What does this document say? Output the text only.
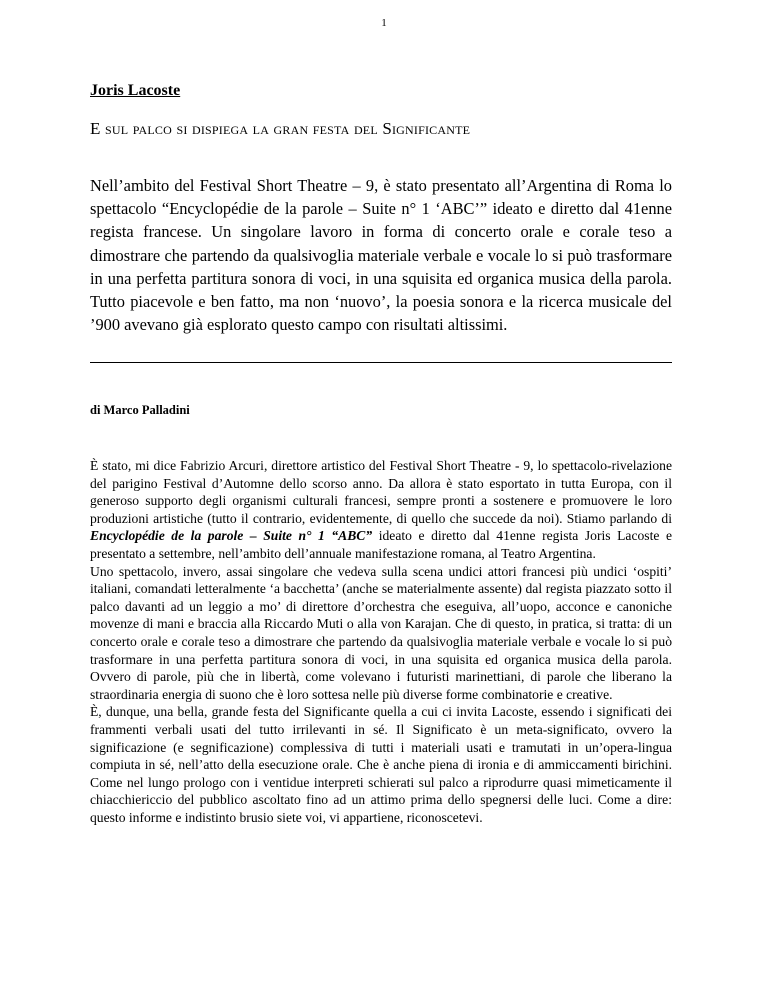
1
Joris Lacoste
E sul palco si dispiega la gran festa del Significante

Nell’ambito del Festival Short Theatre – 9, è stato presentato all’Argentina di Roma lo spettacolo “Encyclopédie de la parole – Suite n° 1 ‘ABC’” ideato e diretto dal 41enne regista francese. Un singolare lavoro in forma di concerto orale e corale teso a dimostrare che partendo da qualsivoglia materiale verbale e vocale lo si può trasformare in una perfetta partitura sonora di voci, in una squisita ed organica musica della parola. Tutto piacevole e ben fatto, ma non ‘nuovo’, la poesia sonora e la ricerca musicale del ’900 avevano già esplorato questo campo con risultati altissimi.

di Marco Palladini

È stato, mi dice Fabrizio Arcuri, direttore artistico del Festival Short Theatre - 9, lo spettacolo-rivelazione del parigino Festival d’Automne dello scorso anno. Da allora è stato esportato in tutta Europa, con il generoso supporto degli organismi culturali francesi, sempre pronti a sostenere e promuovere le loro produzioni artistiche (tutto il contrario, evidentemente, di quello che succede da noi). Stiamo parlando di Encyclopédie de la parole – Suite n° 1 “ABC” ideato e diretto dal 41enne regista Joris Lacoste e presentato a settembre, nell’ambito dell’annuale manifestazione romana, al Teatro Argentina.

Uno spettacolo, invero, assai singolare che vedeva sulla scena undici attori francesi più undici ‘ospiti’ italiani, comandati letteralmente ‘a bacchetta’ (anche se materialmente assente) dal regista piazzato sotto il palco davanti ad un leggio a mo’ di direttore d’orchestra che eseguiva, all’uopo, acconce e canoniche movenze di mani e braccia alla Riccardo Muti o alla von Karajan. Che di questo, in pratica, si tratta: di un concerto orale e corale teso a dimostrare che partendo da qualsivoglia materiale verbale e vocale lo si può trasformare in una perfetta partitura sonora di voci, in una squisita ed organica musica della parola. Ovvero di parole, più che in libertà, come volevano i futuristi marinettiani, di parole che liberano la straordinaria energia di suono che è loro sottesa nelle più diverse forme combinatorie e creative.

È, dunque, una bella, grande festa del Significante quella a cui ci invita Lacoste, essendo i significati dei frammenti verbali usati del tutto irrilevanti in sé. Il Significato è un meta-significato, ovvero la significazione (e segnificazione) complessiva di tutti i materiali usati e tramutati in un’opera-lingua compiuta in sé, nell’atto della esecuzione orale. Che è anche piena di ironia e di ammiccamenti birichini. Come nel lungo prologo con i ventidue interpreti schierati sul palco a riprodurre quasi mimeticamente il chiacchiericcio del pubblico ascoltato fino ad un attimo prima dello spegnersi delle luci. Come a dire: questo informe e indistinto brusio siete voi, vi appartiene, riconoscetevi.
